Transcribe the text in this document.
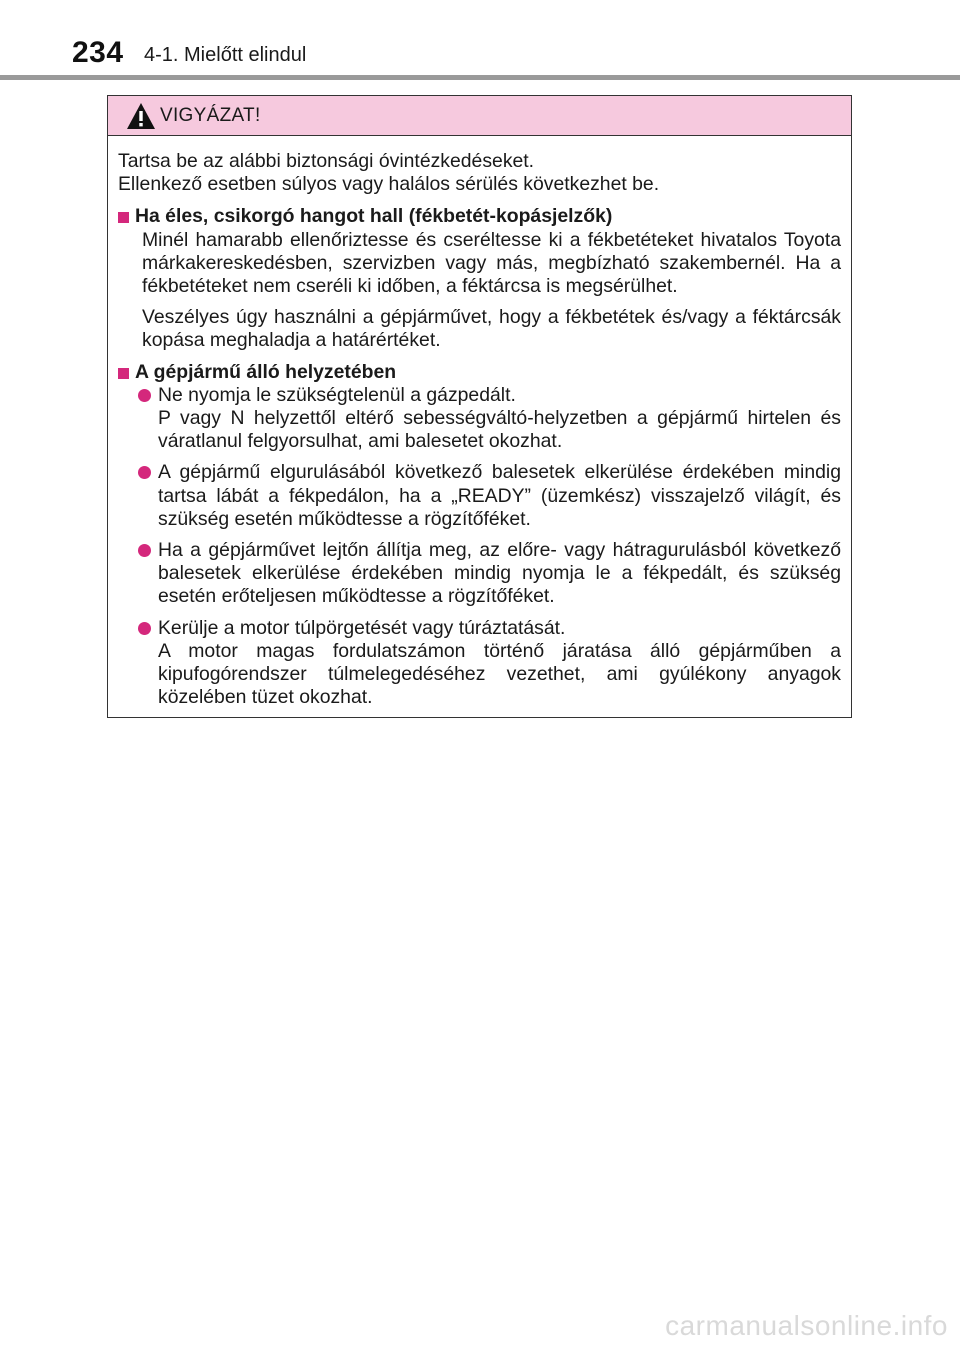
234 4-1. Mielőtt elindul
VIGYÁZAT!
Tartsa be az alábbi biztonsági óvintézkedéseket.
Ellenkező esetben súlyos vagy halálos sérülés következhet be.
Ha éles, csikorgó hangot hall (fékbetét-kopásjelzők)

Minél hamarabb ellenőriztesse és cseréltesse ki a fékbetéteket hivatalos Toyota márkakereskedésben, szervizben vagy más, megbízható szakembernél. Ha a fékbetéteket nem cseréli ki időben, a féktárcsa is megsérülhet.

Veszélyes úgy használni a gépjárművet, hogy a fékbetétek és/vagy a féktárcsák kopása meghaladja a határértéket.

A gépjármű álló helyzetében
Ne nyomja le szükségtelenül a gázpedált.
P vagy N helyzettől eltérő sebességváltó-helyzetben a gépjármű hirtelen és váratlanul felgyorsulhat, ami balesetet okozhat.
A gépjármű elgurulásából következő balesetek elkerülése érdekében mindig tartsa lábát a fékpedálon, ha a „READY” (üzemkész) visszajelző világít, és szükség esetén működtesse a rögzítőféket.
Ha a gépjárművet lejtőn állítja meg, az előre- vagy hátragurulásból következő balesetek elkerülése érdekében mindig nyomja le a fékpedált, és szükség esetén erőteljesen működtesse a rögzítőféket.
Kerülje a motor túlpörgetését vagy túráztatását.
A motor magas fordulatszámon történő járatása álló gépjárműben a kipufogórendszer túlmelegedéséhez vezethet, ami gyúlékony anyagok közelében tüzet okozhat.
carmanualsonline.info
